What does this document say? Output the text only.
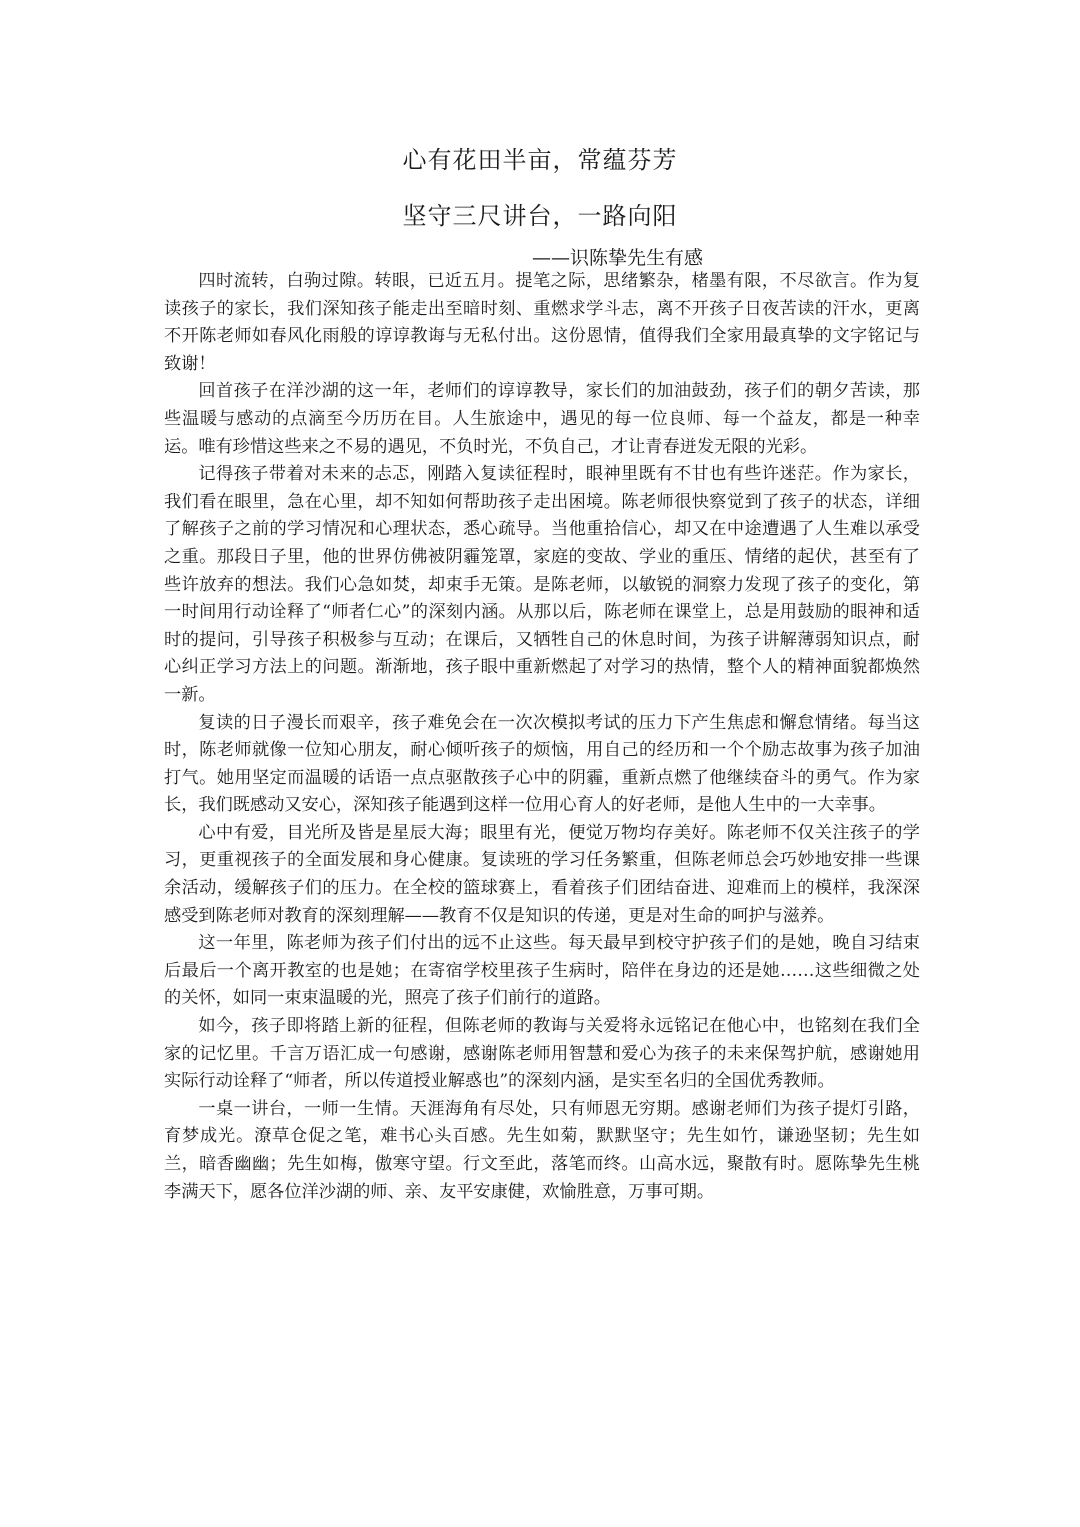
心有花田半亩，常蕴芬芳
坚守三尺讲台，一路向阳
——识陈挚先生有感

四时流转，白驹过隙。转眼，已近五月。提笔之际，思绪繁杂，楮墨有限，不尽欲言。作为复读孩子的家长，我们深知孩子能走出至暗时刻、重燃求学斗志，离不开孩子日夜苦读的汗水，更离不开陈老师如春风化雨般的谆谆教诲与无私付出。这份恩情，值得我们全家用最真挚的文字铭记与致谢！

回首孩子在洋沙湖的这一年，老师们的谆谆教导，家长们的加油鼓劲，孩子们的朝夕苦读，那些温暖与感动的点滴至今历历在目。人生旅途中，遇见的每一位良师、每一个益友，都是一种幸运。唯有珍惜这些来之不易的遇见，不负时光，不负自己，才让青春迸发无限的光彩。

记得孩子带着对未来的忐忑，刚踏入复读征程时，眼神里既有不甘也有些许迷茫。作为家长，我们看在眼里，急在心里，却不知如何帮助孩子走出困境。陈老师很快察觉到了孩子的状态，详细了解孩子之前的学习情况和心理状态，悉心疏导。当他重拾信心，却又在中途遭遇了人生难以承受之重。那段日子里，他的世界仿佛被阴霾笼罩，家庭的变故、学业的重压、情绪的起伏，甚至有了些许放弃的想法。我们心急如焚，却束手无策。是陈老师，以敏锐的洞察力发现了孩子的变化，第一时间用行动诠释了“师者仁心”的深刻内涵。从那以后，陈老师在课堂上，总是用鼓励的眼神和适时的提问，引导孩子积极参与互动；在课后，又牺牲自己的休息时间，为孩子讲解薄弱知识点，耐心纠正学习方法上的问题。渐渐地，孩子眼中重新燃起了对学习的热情，整个人的精神面貌都焕然一新。

复读的日子漫长而艰辛，孩子难免会在一次次模拟考试的压力下产生焦虑和懈怠情绪。每当这时，陈老师就像一位知心朋友，耐心倾听孩子的烦恼，用自己的经历和一个个励志故事为孩子加油打气。她用坚定而温暖的话语一点点驱散孩子心中的阴霾，重新点燃了他继续奋斗的勇气。作为家长，我们既感动又安心，深知孩子能遇到这样一位用心育人的好老师，是他人生中的一大幸事。

心中有爱，目光所及皆是星辰大海；眼里有光，便觉万物均存美好。陈老师不仅关注孩子的学习，更重视孩子的全面发展和身心健康。复读班的学习任务繁重，但陈老师总会巧妙地安排一些课余活动，缓解孩子们的压力。在全校的篮球赛上，看着孩子们团结奋进、迎难而上的模样，我深深感受到陈老师对教育的深刻理解——教育不仅是知识的传递，更是对生命的呵护与滋养。

这一年里，陈老师为孩子们付出的远不止这些。每天最早到校守护孩子们的是她，晚自习结束后最后一个离开教室的也是她；在寄宿学校里孩子生病时，陪伴在身边的还是她……这些细微之处的关怀，如同一束束温暖的光，照亮了孩子们前行的道路。

如今，孩子即将踏上新的征程，但陈老师的教诲与关爱将永远铭记在他心中，也铭刻在我们全家的记忆里。千言万语汇成一句感谢，感谢陈老师用智慧和爱心为孩子的未来保驾护航，感谢她用实际行动诠释了“师者，所以传道授业解惑也”的深刻内涵，是实至名归的全国优秀教师。

一桌一讲台，一师一生情。天涯海角有尽处，只有师恩无穷期。感谢老师们为孩子提灯引路，育梦成光。潦草仓促之笔，难书心头百感。先生如菊，默默坚守；先生如竹，谦逊坚韧；先生如兰，暗香幽幽；先生如梅，傲寒守望。行文至此，落笔而终。山高水远，聚散有时。愿陈挚先生桃李满天下，愿各位洋沙湖的师、亲、友平安康健，欢愉胜意，万事可期。
